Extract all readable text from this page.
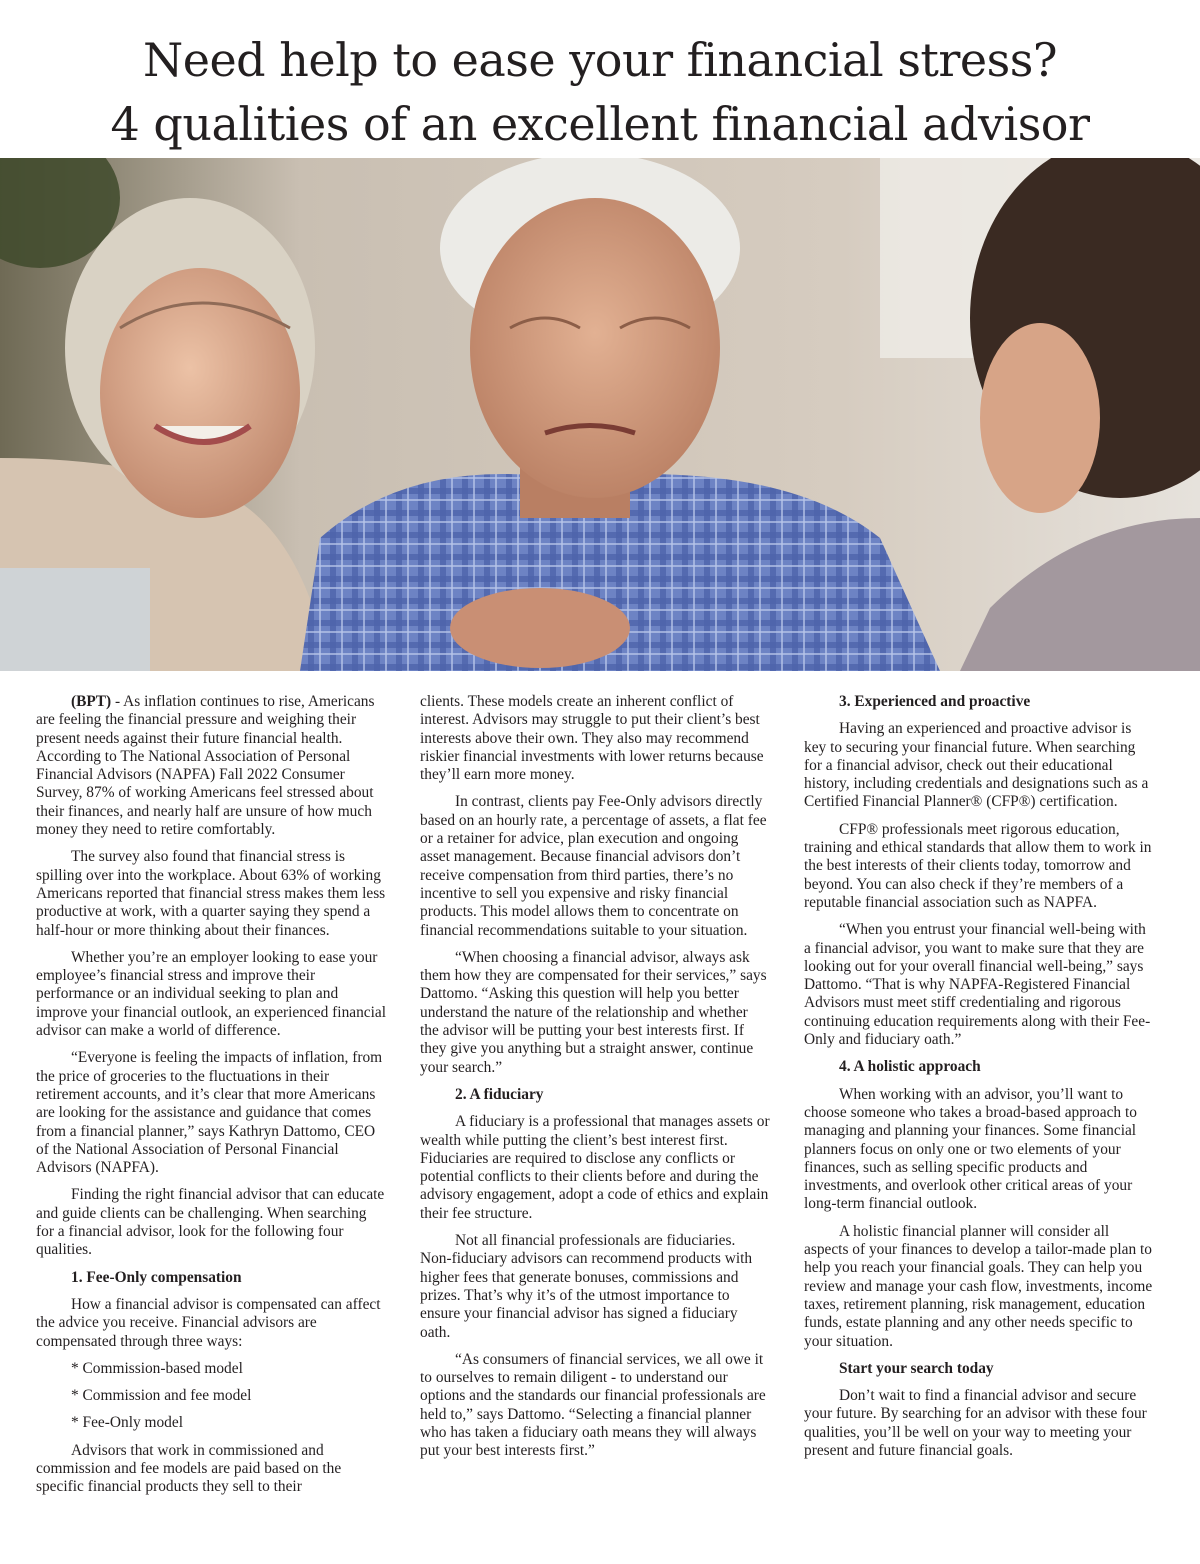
Need help to ease your financial stress?
4 qualities of an excellent financial advisor

(BPT) - As inflation continues to rise, Americans are feeling the financial pressure and weighing their present needs against their future financial health. According to The National Association of Personal Financial Advisors (NAPFA) Fall 2022 Consumer Survey, 87% of working Americans feel stressed about their finances, and nearly half are unsure of how much money they need to retire comfortably.

The survey also found that financial stress is spilling over into the workplace. About 63% of working Americans reported that financial stress makes them less productive at work, with a quarter saying they spend a half-hour or more thinking about their finances.

Whether you’re an employer looking to ease your employee’s financial stress and improve their performance or an individual seeking to plan and improve your financial outlook, an experienced financial advisor can make a world of difference.

“Everyone is feeling the impacts of inflation, from the price of groceries to the fluctuations in their retirement accounts, and it’s clear that more Americans are looking for the assistance and guidance that comes from a financial planner,” says Kathryn Dattomo, CEO of the National Association of Personal Financial Advisors (NAPFA).

Finding the right financial advisor that can educate and guide clients can be challenging. When searching for a financial advisor, look for the following four qualities.

1. Fee-Only compensation

How a financial advisor is compensated can affect the advice you receive. Financial advisors are compensated through three ways:

* Commission-based model
* Commission and fee model
* Fee-Only model

Advisors that work in commissioned and commission and fee models are paid based on the specific financial products they sell to their

clients. These models create an inherent conflict of interest. Advisors may struggle to put their client’s best interests above their own. They also may recommend riskier financial investments with lower returns because they’ll earn more money.

In contrast, clients pay Fee-Only advisors directly based on an hourly rate, a percentage of assets, a flat fee or a retainer for advice, plan execution and ongoing asset management. Because financial advisors don’t receive compensation from third parties, there’s no incentive to sell you expensive and risky financial products. This model allows them to concentrate on financial recommendations suitable to your situation.

“When choosing a financial advisor, always ask them how they are compensated for their services,” says Dattomo. “Asking this question will help you better understand the nature of the relationship and whether the advisor will be putting your best interests first. If they give you anything but a straight answer, continue your search.”

2. A fiduciary

A fiduciary is a professional that manages assets or wealth while putting the client’s best interest first. Fiduciaries are required to disclose any conflicts or potential conflicts to their clients before and during the advisory engagement, adopt a code of ethics and explain their fee structure.

Not all financial professionals are fiduciaries. Non-fiduciary advisors can recommend products with higher fees that generate bonuses, commissions and prizes. That’s why it’s of the utmost importance to ensure your financial advisor has signed a fiduciary oath.

“As consumers of financial services, we all owe it to ourselves to remain diligent - to understand our options and the standards our financial professionals are held to,” says Dattomo. “Selecting a financial planner who has taken a fiduciary oath means they will always put your best interests first.”

3. Experienced and proactive

Having an experienced and proactive advisor is key to securing your financial future. When searching for a financial advisor, check out their educational history, including credentials and designations such as a Certified Financial Planner® (CFP®) certification.

CFP® professionals meet rigorous education, training and ethical standards that allow them to work in the best interests of their clients today, tomorrow and beyond. You can also check if they’re members of a reputable financial association such as NAPFA.

“When you entrust your financial well-being with a financial advisor, you want to make sure that they are looking out for your overall financial well-being,” says Dattomo. “That is why NAPFA-Registered Financial Advisors must meet stiff credentialing and rigorous continuing education requirements along with their Fee-Only and fiduciary oath.”

4. A holistic approach

When working with an advisor, you’ll want to choose someone who takes a broad-based approach to managing and planning your finances. Some financial planners focus on only one or two elements of your finances, such as selling specific products and investments, and overlook other critical areas of your long-term financial outlook.

A holistic financial planner will consider all aspects of your finances to develop a tailor-made plan to help you reach your financial goals. They can help you review and manage your cash flow, investments, income taxes, retirement planning, risk management, education funds, estate planning and any other needs specific to your situation.

Start your search today

Don’t wait to find a financial advisor and secure your future. By searching for an advisor with these four qualities, you’ll be well on your way to meeting your present and future financial goals.
